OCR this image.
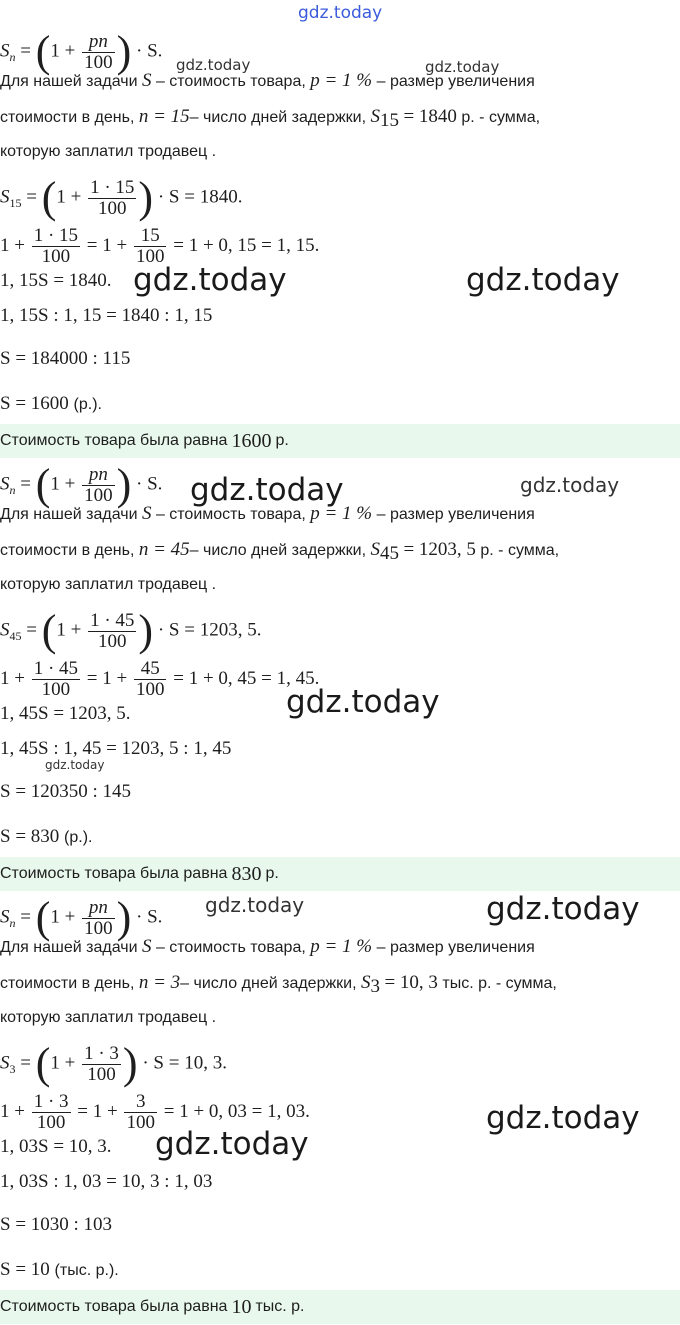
gdz.today
$S_n = (1 + \frac{pn}{100}$ ) · S.
Для нашей задачи S – стоимость товара, p = 1 % – размер увеличения
стоимости в день, n = 15– число дней задержки, $S_{15} = 1840$ р. - сумма,
которую заплатил тродавец .
$S_{15} = (1 + \frac{1 \cdot 15}{100}$ ) · S = 1840.
$1 + \frac{1 \cdot 15}{100} = 1 + \frac{15}{100} = 1 + 0$, 15 = 1, 15.
1, 15S = 1840.
1, 15S : 1, 15 = 1840 : 1, 15
S = 184000 : 115
S = 1600 (р.).
Стоимость товара была равна 1600 р.
$S_n = (1 + \frac{pn}{100}$ ) · S.
Для нашей задачи S – стоимость товара, p = 1 % – размер увеличения
стоимости в день, n = 45– число дней задержки, $S_{45} = 1203$, 5 р. - сумма,
которую заплатил тродавец .
$S_{45} = (1 + \frac{1 \cdot 45}{100}$ ) · S = 1203, 5.
$1 + \frac{1 \cdot 45}{100} = 1 + \frac{45}{100} = 1 + 0$, 45 = 1, 45.
1, 45S = 1203, 5.
1, 45S : 1, 45 = 1203, 5 : 1, 45
S = 120350 : 145
S = 830 (р.).
Стоимость товара была равна 830 р.
$S_n = (1 + \frac{pn}{100}$ ) · S.
Для нашей задачи S – стоимость товара, p = 1 % – размер увеличения
стоимости в день, n = 3– число дней задержки, $S_3 = 10$, 3 тыс. р. - сумма,
которую заплатил тродавец .
$S_3 = (1 + \frac{1 \cdot 3}{100}$ ) · S = 10, 3.
$1 + \frac{1 \cdot 3}{100} = 1 + \frac{3}{100} = 1 + 0$, 03 = 1, 03.
1, 03S = 10, 3.
1, 03S : 1, 03 = 10, 3 : 1, 03
S = 1030 : 103
S = 10 (тыс. р.).
Стоимость товара была равна 10 тыс. р.
gdz.today	gdz.today
gdz.today	gdz.today
gdz.today	gdz.today
gdz.today
gdz.today
gdz.today	gdz.today
gdz.today
gdz.today
